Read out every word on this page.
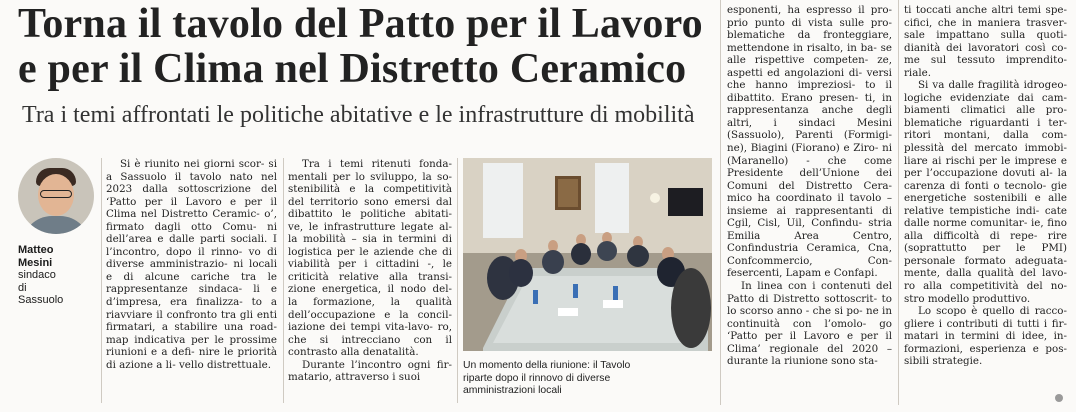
Torna il tavolo del Patto per il Lavoro
e per il Clima nel Distretto Ceramico

Tra i temi affrontati le politiche abitative e le infrastrutture di mobilità

Matteo
Mesini
sindaco
di
Sassuolo

Si è riunito nei giorni scor- si a Sassuolo il tavolo nato nel 2023 dalla sottoscrizione del ‘Patto per il Lavoro e per il Clima nel Distretto Ceramic- o’, firmato dagli otto Comu- ni dell’area e dalle parti sociali. I l’incontro, dopo il rinno- vo di diverse amministrazio- ni locali e di alcune cariche tra le rappresentanze sindaca- li e d’impresa, era finalizza- to a riavviare il confronto tra gli enti firmatari, a stabilire una road-map indicativa per le prossime riunioni e a defi- nire le priorità di azione a li- vello distrettuale.

Tra i temi ritenuti fonda- mentali per lo sviluppo, la so- stenibilità e la competitività del territorio sono emersi dal dibattito le politiche abitati- ve, le infrastrutture legate al- la mobilità – sia in termini di logistica per le aziende che di viabilità per i cittadini -, le criticità relative alla transi- zione energetica, il nodo del- la formazione, la qualità dell’occupazione e la concil- iazione dei tempi vita-lavo- ro, che si intrecciano con il contrasto alla denatalità.

Durante l’incontro ogni fir- matario, attraverso i suoi

esponenti, ha espresso il pro- prio punto di vista sulle pro- blematiche da fronteggiare, mettendone in risalto, in ba- se alle rispettive competen- ze, aspetti ed angolazioni di- versi che hanno impreziosi- to il dibattito. Erano presen- ti, in rappresentanza anche degli altri, i sindaci Mesini (Sassuolo), Parenti (Formigi- ne), Biagini (Fiorano) e Ziro- ni (Maranello) - che come Presidente dell’Unione dei Comuni del Distretto Cera- mico ha coordinato il tavolo – insieme ai rappresentanti di Cgil, Cisl, Uil, Confindu- stria Emilia Area Centro, Confindustria Ceramica, Cna, Confcommercio, Con- fesercenti, Lapam e Confapi.

In linea con i contenuti del Patto di Distretto sottoscrit- to lo scorso anno - che si po- ne in continuità con l’omolo- go ‘Patto per il Lavoro e per il Clima’ regionale del 2020 – durante la riunione sono sta-

ti toccati anche altri temi spe- cifici, che in maniera trasver- sale impattano sulla quoti- dianità dei lavoratori così co- me sul tessuto imprendito- riale.

Si va dalle fragilità idrogeo- logiche evidenziate dai cam- biamenti climatici alle pro- blematiche riguardanti i ter- ritori montani, dalla com- plessità del mercato immobi- liare ai rischi per le imprese e per l’occupazione dovuti al- la carenza di fonti o tecnolo- gie energetiche sostenibili e alle relative tempistiche indi- cate dalle norme comunitar- ie, fino alla difficoltà di repe- rire (soprattutto per le PMI) personale formato adeguata- mente, dalla qualità del lavo- ro alla competitività del no- stro modello produttivo.

Lo scopo è quello di racco- gliere i contributi di tutti i fir- matari in termini di idee, in- formazioni, esperienza e pos- sibili strategie.

Un momento della riunione: il Tavolo
riparte dopo il rinnovo di diverse
amministrazioni locali
